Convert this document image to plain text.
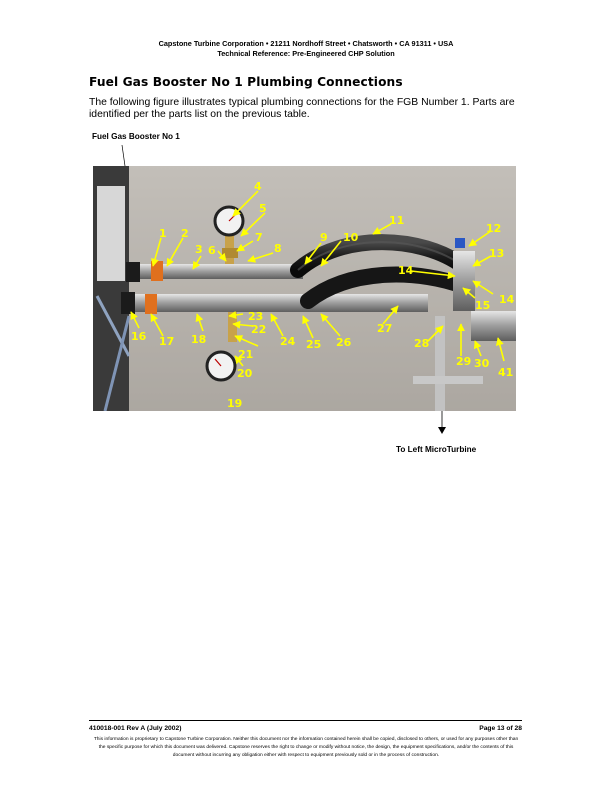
Capstone Turbine Corporation • 21211 Nordhoff Street • Chatsworth • CA 91311 • USA
Technical Reference: Pre-Engineered CHP Solution
Fuel Gas Booster No 1 Plumbing Connections
The following figure illustrates typical plumbing connections for the FGB Number 1. Parts are identified per the parts list on the previous table.
Fuel Gas Booster No 1
1 2
3
4
5
6
7
8
9 10
11
12
13
14
14
15
16 17 18
19
20
21
22
23
24 25 26
27
28
29 30
41
To Left MicroTurbine
410018-001 Rev A (July 2002)	Page 13 of 28
This information is proprietary to Capstone Turbine Corporation. Neither this document nor the information contained herein shall be copied, disclosed to others, or used for any purposes other than the specific purpose for which this document was delivered. Capstone reserves the right to change or modify without notice, the design, the equipment specifications, and/or the contents of this document without incurring any obligation either with respect to equipment previously sold or in the process of construction.
